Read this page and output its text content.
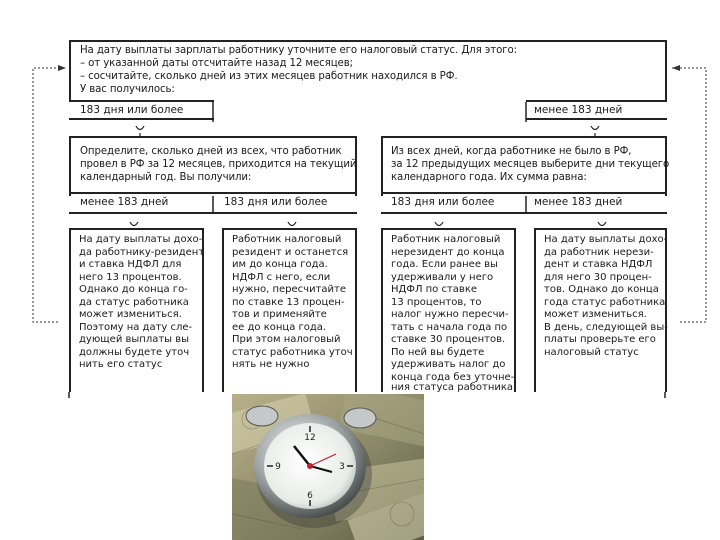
На дату выплаты зарплаты работнику уточните его налоговый статус. Для этого:
– от указанной даты отсчитайте назад 12 месяцев;
– сосчитайте, сколько дней из этих месяцев работник находился в РФ.
У вас получилось:
183 дня или более	менее 183 дней
Определите, сколько дней из всех, что работник
провел в РФ за 12 месяцев, приходится на текущий
календарный год. Вы получили:
менее 183 дней	183 дня или более
Из всех дней, когда работнике не было в РФ,
за 12 предыдущих месяцев выберите дни текущего
календарного года. Их сумма равна:
183 дня или более	менее 183 дней
На дату выплаты дохо-
да работнику-резидент
и ставка НДФЛ для
него 13 процентов.
Однако до конца го-
да статус работника
может измениться.
Поэтому на дату сле-
дующей выплаты вы
должны будете уточ
нить его статус
Работник налоговый
резидент и останется
им до конца года.
НДФЛ с него, если
нужно, пересчитайте
по ставке 13 процен-
тов и применяйте
ее до конца года.
При этом налоговый
статус работника уточ
нять не нужно
Работник налоговый
нерезидент до конца
года. Если ранее вы
удерживали у него
НДФЛ по ставке
13 процентов, то
налог нужно пересчи-
тать с начала года по
ставке 30 процентов.
По ней вы будете
удерживать налог до
конца года без уточне-
ния статуса работника
На дату выплаты дохо-
да работник нерези-
дент и ставка НДФЛ
для него 30 процен-
тов. Однако до конца
года статус работника
может измениться.
В день, следующей вы-
платы проверьте его
налоговый статус
12
3
6
9
